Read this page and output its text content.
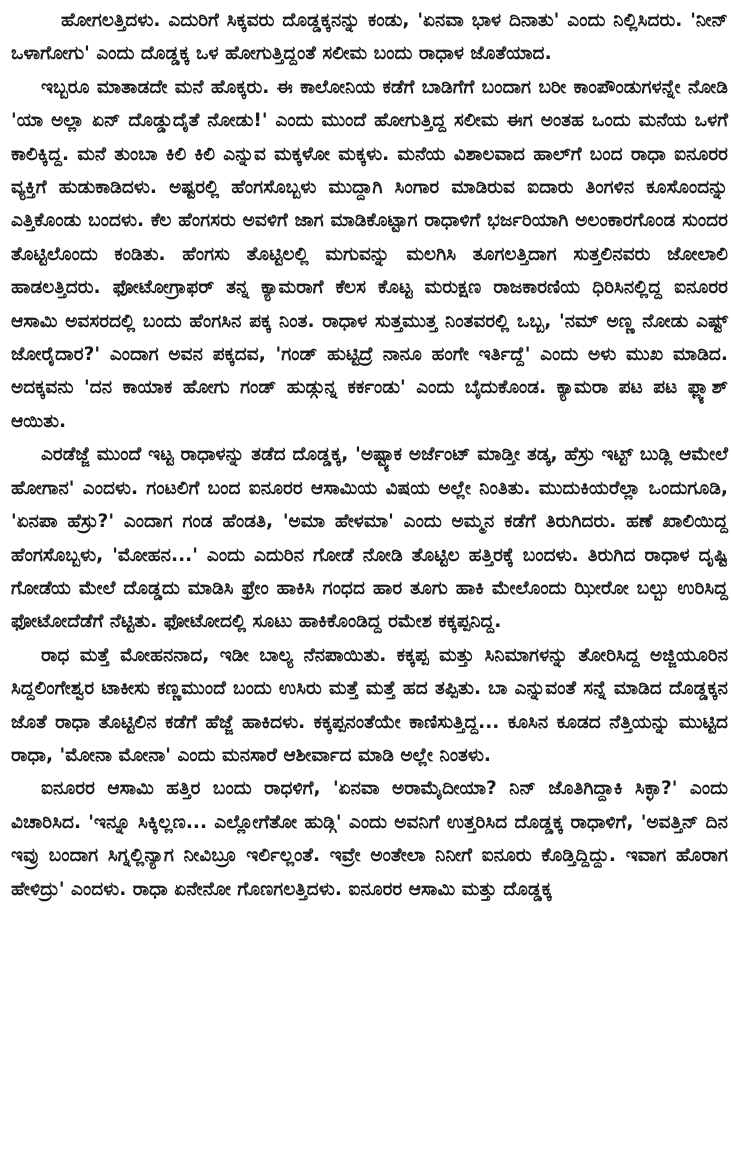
ಹೋಗಲತ್ತಿದಳು. ಎದುರಿಗೆ ಸಿಕ್ಕವರು ದೊಡ್ಡಕ್ಕನನ್ನು ಕಂಡು, 'ಏನವಾ ಭಾಳ ದಿನಾತು' ಎಂದು ನಿಲ್ಲಿಸಿದರು. 'ನೀನ್ ಒಳಾಗೋಗು' ಎಂದು ದೊಡ್ಡಕ್ಕ ಒಳ ಹೋಗುತ್ತಿದ್ದಂತೆ ಸಲೀಮ ಬಂದು ರಾಧಾಳ ಜೊತೆಯಾದ.

ಇಬ್ಬರೂ ಮಾತಾಡದೇ ಮನೆ ಹೊಕ್ಕರು. ಈ ಕಾಲೋನಿಯ ಕಡೆಗೆ ಬಾಡಿಗೆಗೆ ಬಂದಾಗ ಬರೀ ಕಾಂಪೌಂಡುಗಳನ್ನೇ ನೋಡಿ 'ಯಾ ಅಲ್ಲಾ ಏನ್ ದೊಡ್ಡುದೈತೆ ನೋಡು!' ಎಂದು ಮುಂದೆ ಹೋಗುತ್ತಿದ್ದ ಸಲೀಮ ಈಗ ಅಂತಹ ಒಂದು ಮನೆಯ ಒಳಗೆ ಕಾಲಿಕ್ಕಿದ್ದ. ಮನೆ ತುಂಬಾ ಕಿಲಿ ಕಿಲಿ ಎನ್ನುವ ಮಕ್ಕಳೋ ಮಕ್ಕಳು. ಮನೆಯ ವಿಶಾಲವಾದ ಹಾಲ್‌ಗೆ ಬಂದ ರಾಧಾ ಐನೂರರ ವ್ಯಕ್ತಿಗೆ ಹುಡುಕಾಡಿದಳು. ಅಷ್ಟರಲ್ಲಿ ಹೆಂಗಸೊಬ್ಬಳು ಮುದ್ದಾಗಿ ಸಿಂಗಾರ ಮಾಡಿರುವ ಐದಾರು ತಿಂಗಳಿನ ಕೂಸೊಂದನ್ನು ಎತ್ತಿಕೊಂಡು ಬಂದಳು. ಕೆಲ ಹೆಂಗಸರು ಅವಳಿಗೆ ಜಾಗ ಮಾಡಿಕೊಟ್ಟಾಗ ರಾಧಾಳಿಗೆ ಭರ್ಜರಿಯಾಗಿ ಅಲಂಕಾರಗೊಂಡ ಸುಂದರ ತೊಟ್ಟಿಲೊಂದು ಕಂಡಿತು. ಹೆಂಗಸು ತೊಟ್ಟಿಲಲ್ಲಿ ಮಗುವನ್ನು ಮಲಗಿಸಿ ತೂಗಲತ್ತಿದಾಗ ಸುತ್ತಲಿನವರು ಜೋಲಾಲಿ ಹಾಡಲತ್ತಿದರು. ಫೋಟೋಗ್ರಾಫರ್ ತನ್ನ ಕ್ಯಾಮರಾಗೆ ಕೆಲಸ ಕೊಟ್ಟ ಮರುಕ್ಷಣ ರಾಜಕಾರಣಿಯ ಧಿರಿಸಿನಲ್ಲಿದ್ದ ಐನೂರರ ಆಸಾಮಿ ಅವಸರದಲ್ಲಿ ಬಂದು ಹೆಂಗಸಿನ ಪಕ್ಕ ನಿಂತ. ರಾಧಾಳ ಸುತ್ತಮುತ್ತ ನಿಂತವರಲ್ಲಿ ಒಬ್ಬ, 'ನಮ್ ಅಣ್ಣ ನೋಡು ಎಷ್ಟ್ ಜೋರೈದಾರ?' ಎಂದಾಗ ಅವನ ಪಕ್ಕದವ, 'ಗಂಡ್ ಹುಟ್ಟಿದ್ರೆ ನಾನೂ ಹಂಗೇ ಇರ್ತಿದ್ದೆ' ಎಂದು ಅಳು ಮುಖ ಮಾಡಿದ. ಅದಕ್ಕವನು 'ದನ ಕಾಯಾಕ ಹೋಗು ಗಂಡ್ ಹುಡ್ಗುನ್ನ ಕರ್ಕಂಡು' ಎಂದು ಬೈದುಕೊಂಡ. ಕ್ಯಾಮರಾ ಪಟ ಪಟ ಫ್ಲ್ಯಾಶ್ ಆಯಿತು.

ಎರಡೆಜ್ಜೆ ಮುಂದೆ ಇಟ್ಟ ರಾಧಾಳನ್ನು ತಡೆದ ದೊಡ್ಡಕ್ಕ, 'ಅಷ್ಟ್ಯಾಕ ಅರ್ಜೆಂಟ್ ಮಾಡ್ತೀ ತಡ್ಕ, ಹೆಸ್ರು ಇಟ್ಟ್ ಬುಡ್ಲಿ ಆಮೇಲೆ ಹೋಗಾನ' ಎಂದಳು. ಗಂಟಲಿಗೆ ಬಂದ ಐನೂರರ ಆಸಾಮಿಯ ವಿಷಯ ಅಲ್ಲೇ ನಿಂತಿತು. ಮುದುಕಿಯರೆಲ್ಲಾ ಒಂದುಗೂಡಿ, 'ಏನಪಾ ಹೆಸ್ರು?' ಎಂದಾಗ ಗಂಡ ಹೆಂಡತಿ, 'ಅಮಾ ಹೇಳಮಾ' ಎಂದು ಅಮ್ಮನ ಕಡೆಗೆ ತಿರುಗಿದರು. ಹಣೆ ಖಾಲಿಯಿದ್ದ ಹೆಂಗಸೊಬ್ಬಳು, 'ಮೋಹನ...' ಎಂದು ಎದುರಿನ ಗೋಡೆ ನೋಡಿ ತೊಟ್ಟಿಲ ಹತ್ತಿರಕ್ಕೆ ಬಂದಳು. ತಿರುಗಿದ ರಾಧಾಳ ದೃಷ್ಟಿ ಗೋಡೆಯ ಮೇಲೆ ದೊಡ್ಡದು ಮಾಡಿಸಿ ಫ್ರೇಂ ಹಾಕಿಸಿ ಗಂಧದ ಹಾರ ತೂಗು ಹಾಕಿ ಮೇಲೊಂದು ಝೀರೋ ಬಲ್ಬು ಉರಿಸಿದ್ದ ಫೋಟೋದೆಡೆಗೆ ನೆಟ್ಟಿತು. ಫೋಟೋದಲ್ಲಿ ಸೂಟು ಹಾಕಿಕೊಂಡಿದ್ದ ರಮೇಶ ಕಕ್ಕಪ್ಪನಿದ್ದ.

ರಾಧ ಮತ್ತೆ ಮೋಹನನಾದ, ಇಡೀ ಬಾಲ್ಯ ನೆನಪಾಯಿತು. ಕಕ್ಕಪ್ಪ ಮತ್ತು ಸಿನಿಮಾಗಳನ್ನು ತೋರಿಸಿದ್ದ ಅಜ್ಜಿಯೂರಿನ ಸಿದ್ದಲಿಂಗೇಶ್ವರ ಟಾಕೀಸು ಕಣ್ಣಮುಂದೆ ಬಂದು ಉಸಿರು ಮತ್ತೆ ಮತ್ತೆ ಹದ ತಪ್ಪಿತು. ಬಾ ಎನ್ನುವಂತೆ ಸನ್ನೆ ಮಾಡಿದ ದೊಡ್ಡಕ್ಕನ ಜೊತೆ ರಾಧಾ ತೊಟ್ಟಿಲಿನ ಕಡೆಗೆ ಹೆಜ್ಜೆ ಹಾಕಿದಳು. ಕಕ್ಕಪ್ಪನಂತೆಯೇ ಕಾಣಿಸುತ್ತಿದ್ದ... ಕೂಸಿನ ಕೂಡದ ನೆತ್ತಿಯನ್ನು ಮುಟ್ಟಿದ ರಾಧಾ, 'ಮೋನಾ ಮೋನಾ' ಎಂದು ಮನಸಾರೆ ಆಶೀರ್ವಾದ ಮಾಡಿ ಅಲ್ಲೇ ನಿಂತಳು.

ಐನೂರರ ಆಸಾಮಿ ಹತ್ತಿರ ಬಂದು ರಾಧಳಿಗೆ, 'ಏನವಾ ಅರಾಮೈದೀಯಾ? ನಿನ್ ಜೊತಿಗಿದ್ದಾಕಿ ಸಿಕ್ಳಾ?' ಎಂದು ವಿಚಾರಿಸಿದ. 'ಇನ್ನೂ ಸಿಕ್ಕಿಲ್ಲಣ... ಎಲ್ಲೋಗೆತೋ ಹುಡ್ಗಿ' ಎಂದು ಅವನಿಗೆ ಉತ್ತರಿಸಿದ ದೊಡ್ಡಕ್ಕ ರಾಧಾಳಿಗೆ, 'ಅವತ್ತಿನ್ ದಿನ ಇವ್ರು ಬಂದಾಗ ಸಿಗ್ನಲ್ಲಿನ್ಯಾಗ ನೀವಿಬ್ರೂ ಇರ್ಲಿಲ್ಲಂತೆ. ಇವ್ರೇ ಅಂತೇಲಾ ನಿನೀಗೆ ಐನೂರು ಕೊಡ್ತಿದ್ದಿದ್ದು. ಇವಾಗ ಹೊರಾಗ ಹೇಳಿದ್ರು' ಎಂದಳು. ರಾಧಾ ಏನೇನೋ ಗೊಣಗಲತ್ತಿದಳು. ಐನೂರರ ಆಸಾಮಿ ಮತ್ತು ದೊಡ್ಡಕ್ಕ
